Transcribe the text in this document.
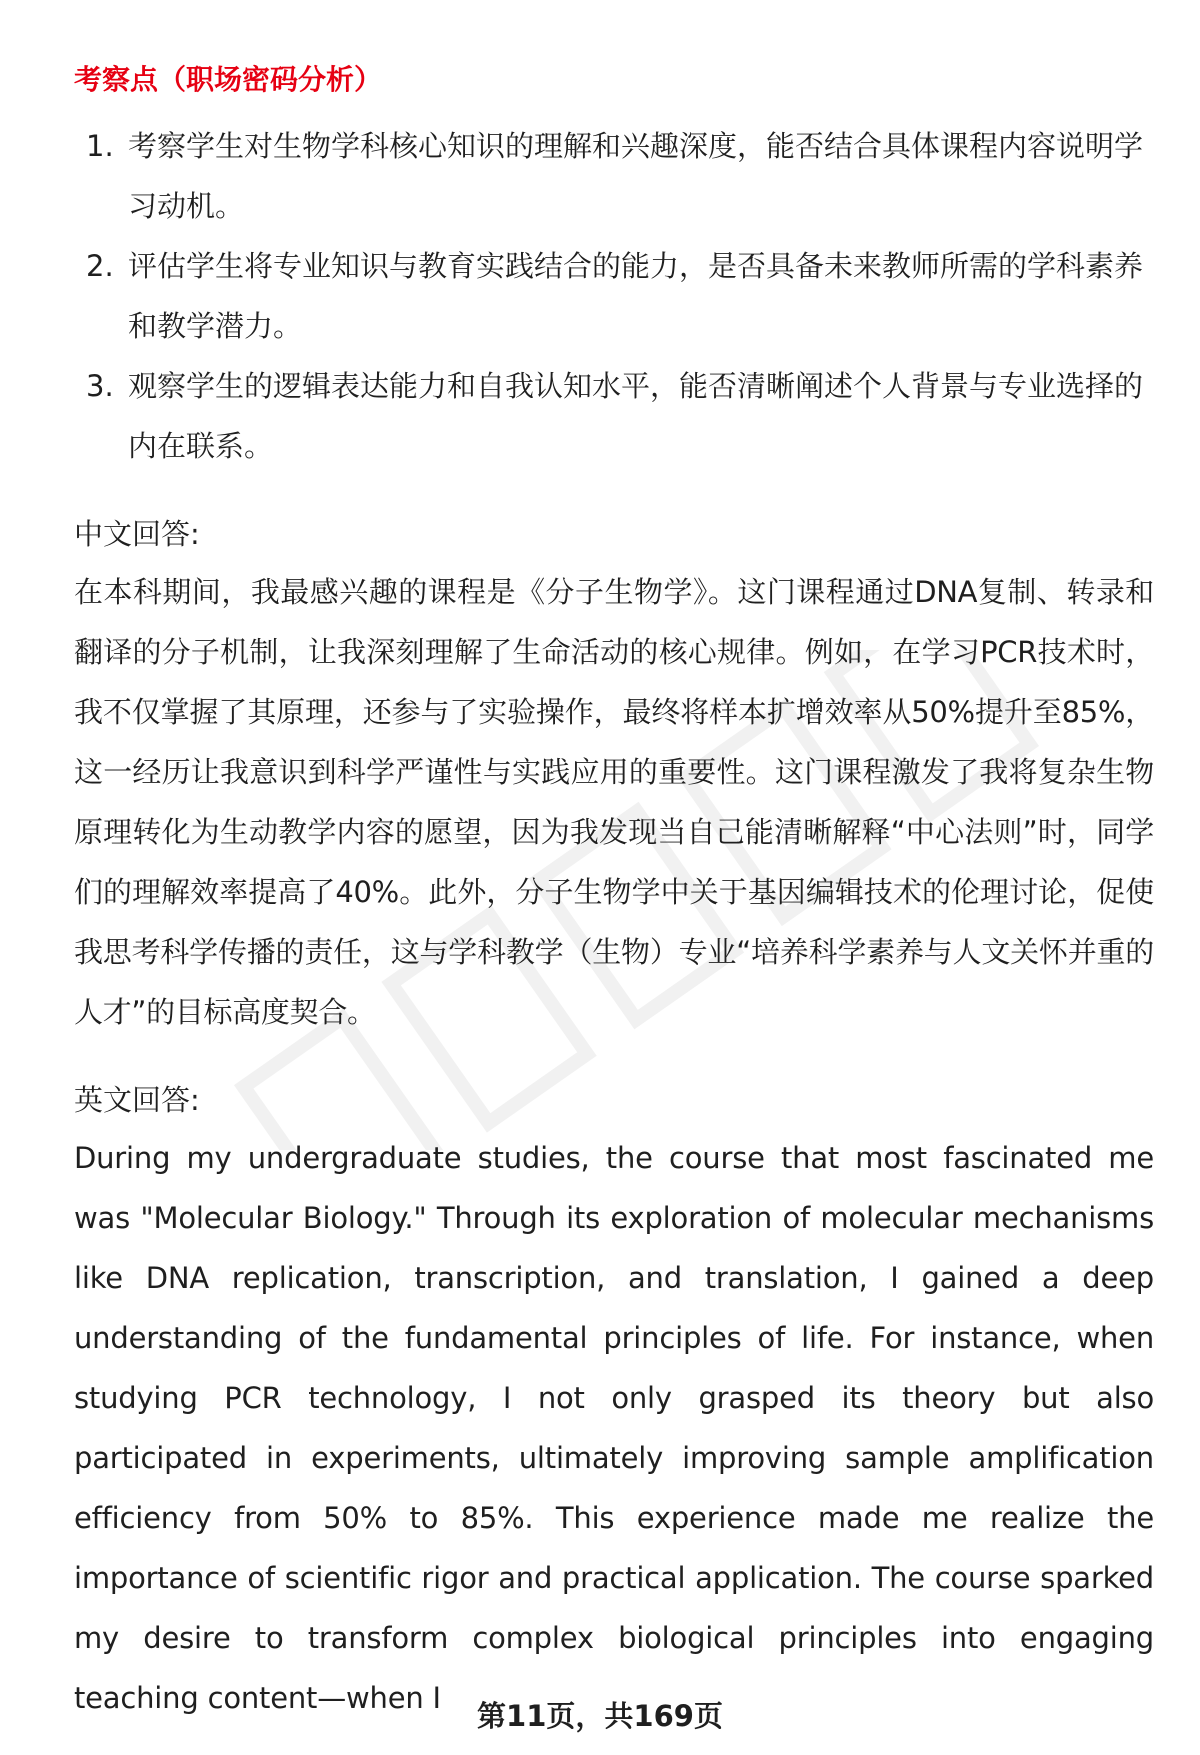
考察点（职场密码分析）
1. 考察学生对生物学科核心知识的理解和兴趣深度，能否结合具体课程内容说明学习动机。
2. 评估学生将专业知识与教育实践结合的能力，是否具备未来教师所需的学科素养和教学潜力。
3. 观察学生的逻辑表达能力和自我认知水平，能否清晰阐述个人背景与专业选择的内在联系。
中文回答:

在本科期间，我最感兴趣的课程是《分子生物学》。这门课程通过DNA复制、转录和翻译的分子机制，让我深刻理解了生命活动的核心规律。例如，在学习PCR技术时，我不仅掌握了其原理，还参与了实验操作，最终将样本扩增效率从50%提升至85%，这一经历让我意识到科学严谨性与实践应用的重要性。这门课程激发了我将复杂生物原理转化为生动教学内容的愿望，因为我发现当自己能清晰解释“中心法则”时，同学们的理解效率提高了40%。此外，分子生物学中关于基因编辑技术的伦理讨论，促使我思考科学传播的责任，这与学科教学（生物）专业“培养科学素养与人文关怀并重的人才”的目标高度契合。

英文回答:

During my undergraduate studies, the course that most fascinated me was "Molecular Biology." Through its exploration of molecular mechanisms like DNA replication, transcription, and translation, I gained a deep understanding of the fundamental principles of life. For instance, when studying PCR technology, I not only grasped its theory but also participated in experiments, ultimately improving sample amplification efficiency from 50% to 85%. This experience made me realize the importance of scientific rigor and practical application. The course sparked my desire to transform complex biological principles into engaging teaching content—when I

第11页，共169页
